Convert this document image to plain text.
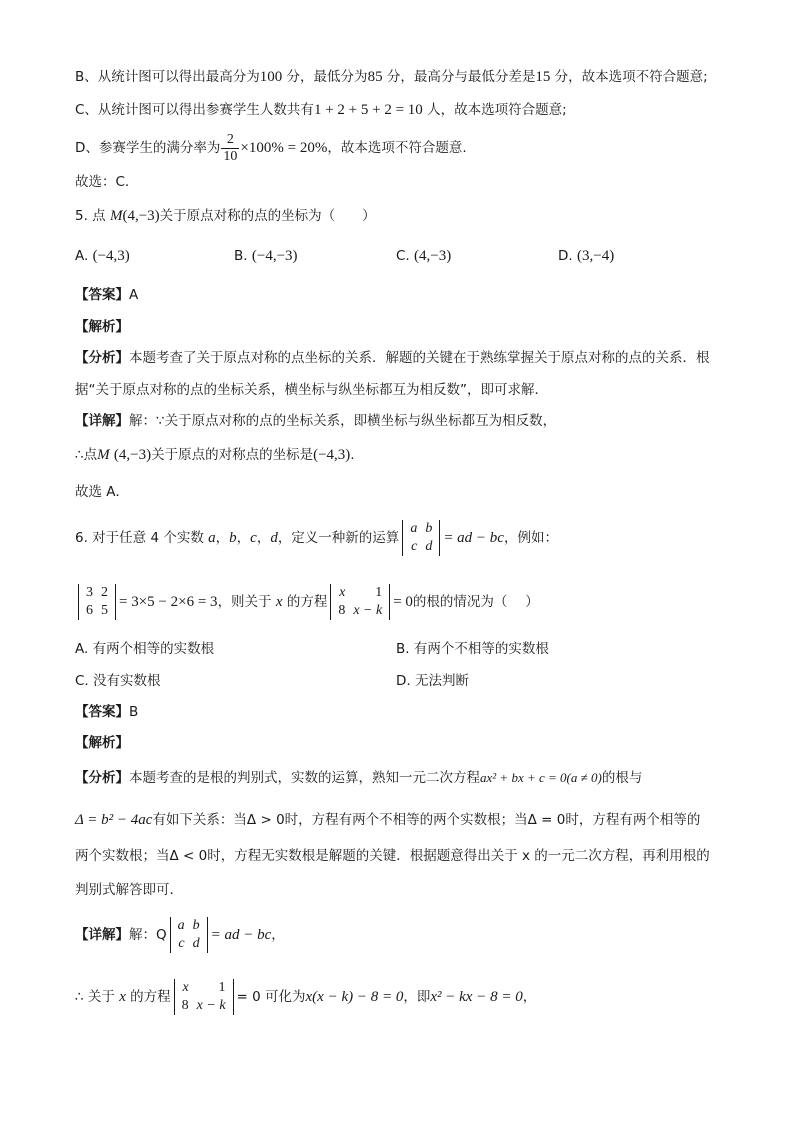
B、从统计图可以得出最高分为100 分，最低分为85 分，最高分与最低分差是15 分，故本选项不符合题意;
C、从统计图可以得出参赛学生人数共有1 + 2 + 5 + 2 = 10 人，故本选项符合题意;
D、参赛学生的满分率为 $\frac{2}{10} \times 100\% = 20\%$，故本选项不符合题意.
故选：C.
5. 点 M(4,−3)关于原点对称的点的坐标为（　　）
A. (−4,3)	B. (−4,−3)	C. (4,−3)	D. (3,−4)
【答案】A
【解析】
【分析】本题考查了关于原点对称的点坐标的关系．解题的关键在于熟练掌握关于原点对称的点的关系．根
据“关于原点对称的点的坐标关系，横坐标与纵坐标都互为相反数”，即可求解．
【详解】解：∵关于原点对称的点的坐标关系，即横坐标与纵坐标都互为相反数，
∴点M (4,−3)关于原点的对称点的坐标是(−4,3).
故选 A．
6. 对于任意 4 个实数 a，b，c，d，定义一种新的运算
a	b
c	d
= ad − bc，例如：
3	2
6	5
= 3×5 − 2×6 = 3，则关于 x 的方程
x	1
8	x − k
= 0的根的情况为（　 ）
A. 有两个相等的实数根	B. 有两个不相等的实数根
C. 没有实数根	D. 无法判断
【答案】B
【解析】
【分析】本题考查的是根的判别式，实数的运算，熟知一元二次方程ax² + bx + c = 0(a ≠ 0)的根与
Δ = b² − 4ac有如下关系：当Δ > 0时，方程有两个不相等的两个实数根；当Δ = 0时，方程有两个相等的
两个实数根；当Δ < 0时，方程无实数根是解题的关键．根据题意得出关于 x 的一元二次方程，再利用根的
判别式解答即可．
【详解】解：Q
a	b
c	d
= ad − bc，
∴ 关于 x 的方程
x	1
8	x − k
= 0 可化为x(x − k) − 8 = 0，即x² − kx − 8 = 0，
